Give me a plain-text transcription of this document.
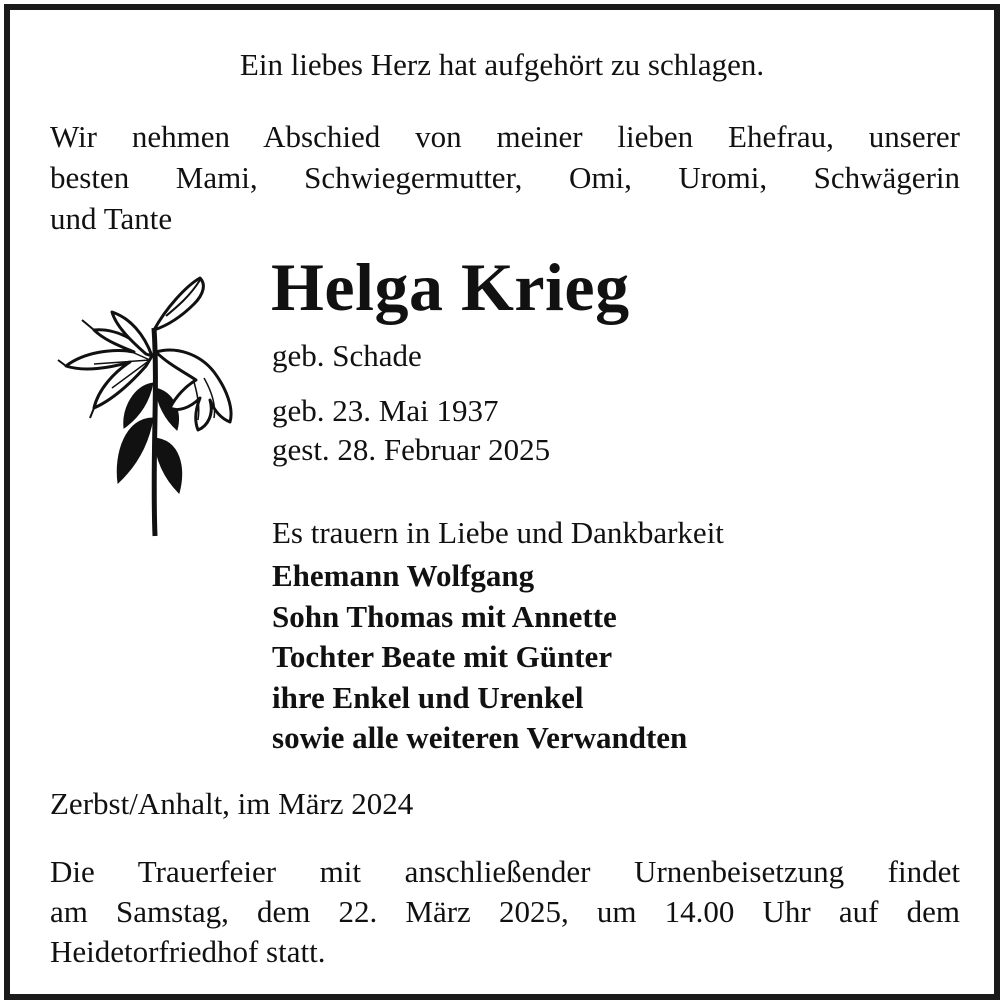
Ein liebes Herz hat aufgehört zu schlagen.

Wir nehmen Abschied von meiner lieben Ehefrau, unserer
besten Mami, Schwiegermutter, Omi, Uromi, Schwägerin
und Tante
Helga Krieg

geb. Schade

geb. 23. Mai 1937

gest. 28. Februar 2025

Es trauern in Liebe und Dankbarkeit

Ehemann Wolfgang
Sohn Thomas mit Annette
Tochter Beate mit Günter
ihre Enkel und Urenkel
sowie alle weiteren Verwandten

Zerbst/Anhalt, im März 2024

Die Trauerfeier mit anschließender Urnenbeisetzung findet
am Samstag, dem 22. März 2025, um 14.00 Uhr auf dem
Heidetorfriedhof statt.
